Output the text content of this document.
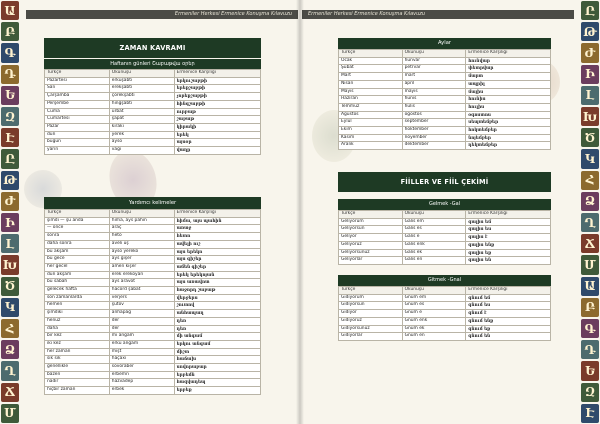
Ա
Բ
Գ
Դ
Ե
Զ
Է
Ը
Թ
Ժ
Ի
Լ
Խ
Ծ
Կ
Հ
Ձ
Ղ
Ճ
Մ
Ermeniler Herkesi Ermenice Konuşma Kılavuzu
ZAMAN KAVRAMI
Haftanın günleri Շաբաթվա օրեր
Türkçe	Okunuşu	Ermenice Karşılığı
Pazartesi	erkuşabti	երկուշաբթի
Salı	erekşabti	երեքշաբթի
Çarşamba	çorekşabti	չորեքշաբթի
Perşembe	hingşabti	հինգշաբթի
Cuma	urbat	ուրբաթ
Cumartesi	şapat	շաբաթ
Pazar	kiraki	կիրակի
dün	yerek	երեկ
bugün	ayso	այսօր
yarın	vağı	վաղը
Yardımcı kelimeler
Türkçe	Okunuşu	Ermenice Karşılığı
şimdi — şu anda	hima, ays pahin	հիմա, այս պահին
— önce	araç	առաջ
sonra	heto	հետո
daha sonra	aveli uş	ավելի ուշ
bu akşam	ayso yereko	այս երեկո
bu gece	ays gişer	այս գիշեր
her gecel	amen kişer	ամեն գիշեր
dün akşam	erek erekoyan	երեկ երեկոյան
bu sabah	ays aravot	այս առավոտ
gelecek hafta	hacord şabat	հաջորդ շաբաթ
son zamanlarda	verjers	վերջերս
hemen	şutov	շուտով
şimdiki	anhapağ	անհապաղ
henüz	der	դեռ
daha	der	դեռ
bir kez	mi angam	մի անգամ
iki kez	erku angam	երկու անգամ
her zaman	mişt	միշտ
sık sık	haçaxı	հաճախ
genellikle	sovoraber	սովորաբար
bazen	erbemn	երբեմն
nadir	hazvadep	հազվադեպ
hiçbir zaman	erbek	երբեք
Ը
Թ
Ժ
Ի
Լ
Խ
Ծ
Կ
Հ
Ձ
Ղ
Ճ
Մ
Ա
Բ
Գ
Դ
Ե
Զ
Է
Ermeniler Herkesi Ermenice Konuşma Kılavuzu
Aylar
Türkçe	Okunuşu	Ermenice Karşılığı
Ocak	hunvar	հունվար
Şubat	petrvar	փետրվար
Mart	mart	մարտ
Nisan	april	ապրիլ
Mayıs	mayis	մայիս
Haziran	hunis	հունիս
Temmuz	hulis	հուլիս
Ağustos	ogostos	օգոստոս
Eylül	september	սեպտեմբեր
Ekim	hoktember	հոկտեմբեր
Kasım	noyember	նոյեմբեր
Aralık	dektember	դեկտեմբեր
FİİLLER VE FİİL ÇEKİMİ
Gelmek -Gal
Türkçe	Okunuşu	Ermenice Karşılığı
Geliyorum	Galis em	գալիս եմ
Geliyorsun	Galis es	գալիս ես
Geliyor	Galis e	գալիս է
Geliyoruz	Galis enk	գալիս ենք
Geliyorsunuz	Galis ek	գալիս եք
Geliyorlar	Galis en	գալիս են
Gitmek -Gnal
Türkçe	Okunuşu	Ermenice Karşılığı
Gidiyorum	Gnum em	գնում եմ
Gidiyorsun	Gnum es	գնում ես
Gidiyor	Gnum e	գնում է
Gidiyoruz	Gnum enk	գնում ենք
Gidiyorsunuz	Gnum ek	գնում եք
Gidiyorlar	Gnum en	գնում են
